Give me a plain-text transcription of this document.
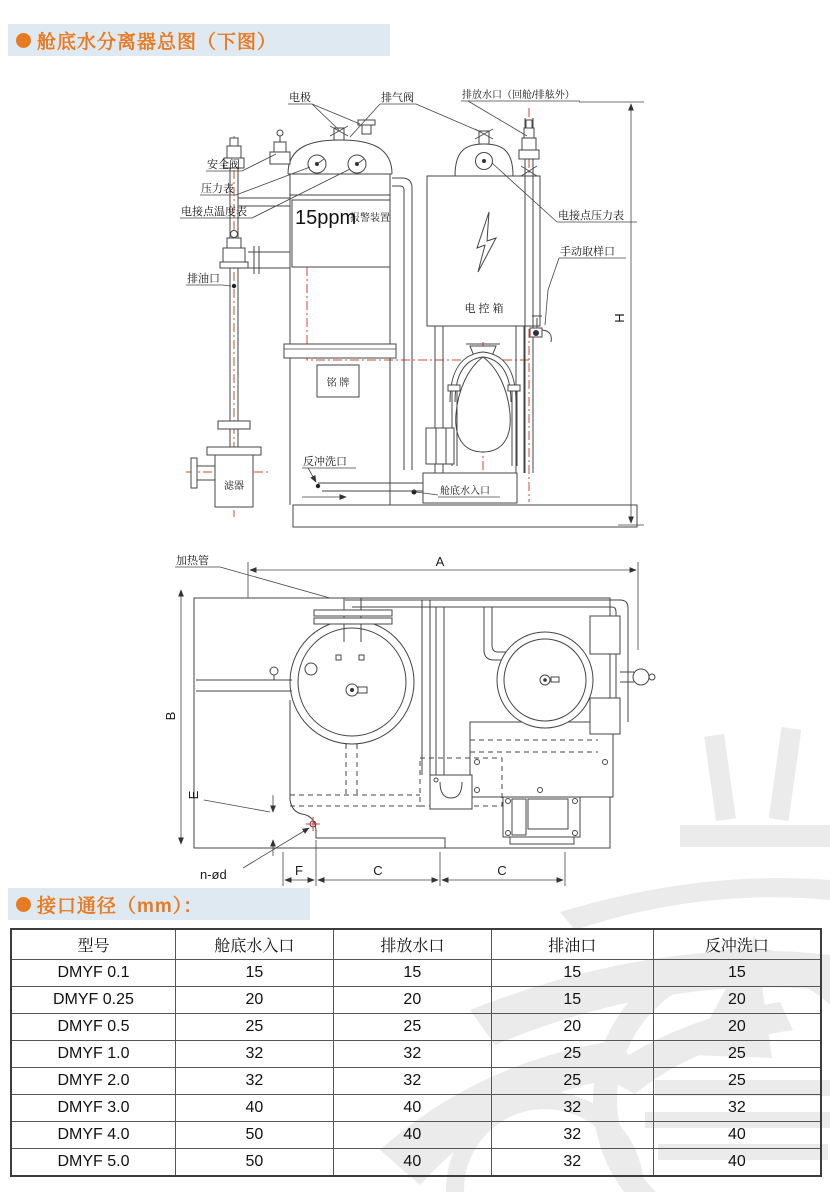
舱底水分离器总图（下图）
滤器
15ppm
报警装置
铭 牌
电 控 箱
舱底水入口
H
电极	排气阀	排放水口（回舱/排舷外）
安全阀
压力表
电接点温度表
排油口
电接点压力表
手动取样口
反冲洗口
A
加热管
B
F	C	C
n-ød
E
接口通径（mm）：
型号	舱底水入口	排放水口	排油口	反冲洗口
DMYF 0.1	15	15	15	15
DMYF 0.25	20	20	15	20
DMYF 0.5	25	25	20	20
DMYF 1.0	32	32	25	25
DMYF 2.0	32	32	25	25
DMYF 3.0	40	40	32	32
DMYF 4.0	50	40	32	40
DMYF 5.0	50	40	32	40
